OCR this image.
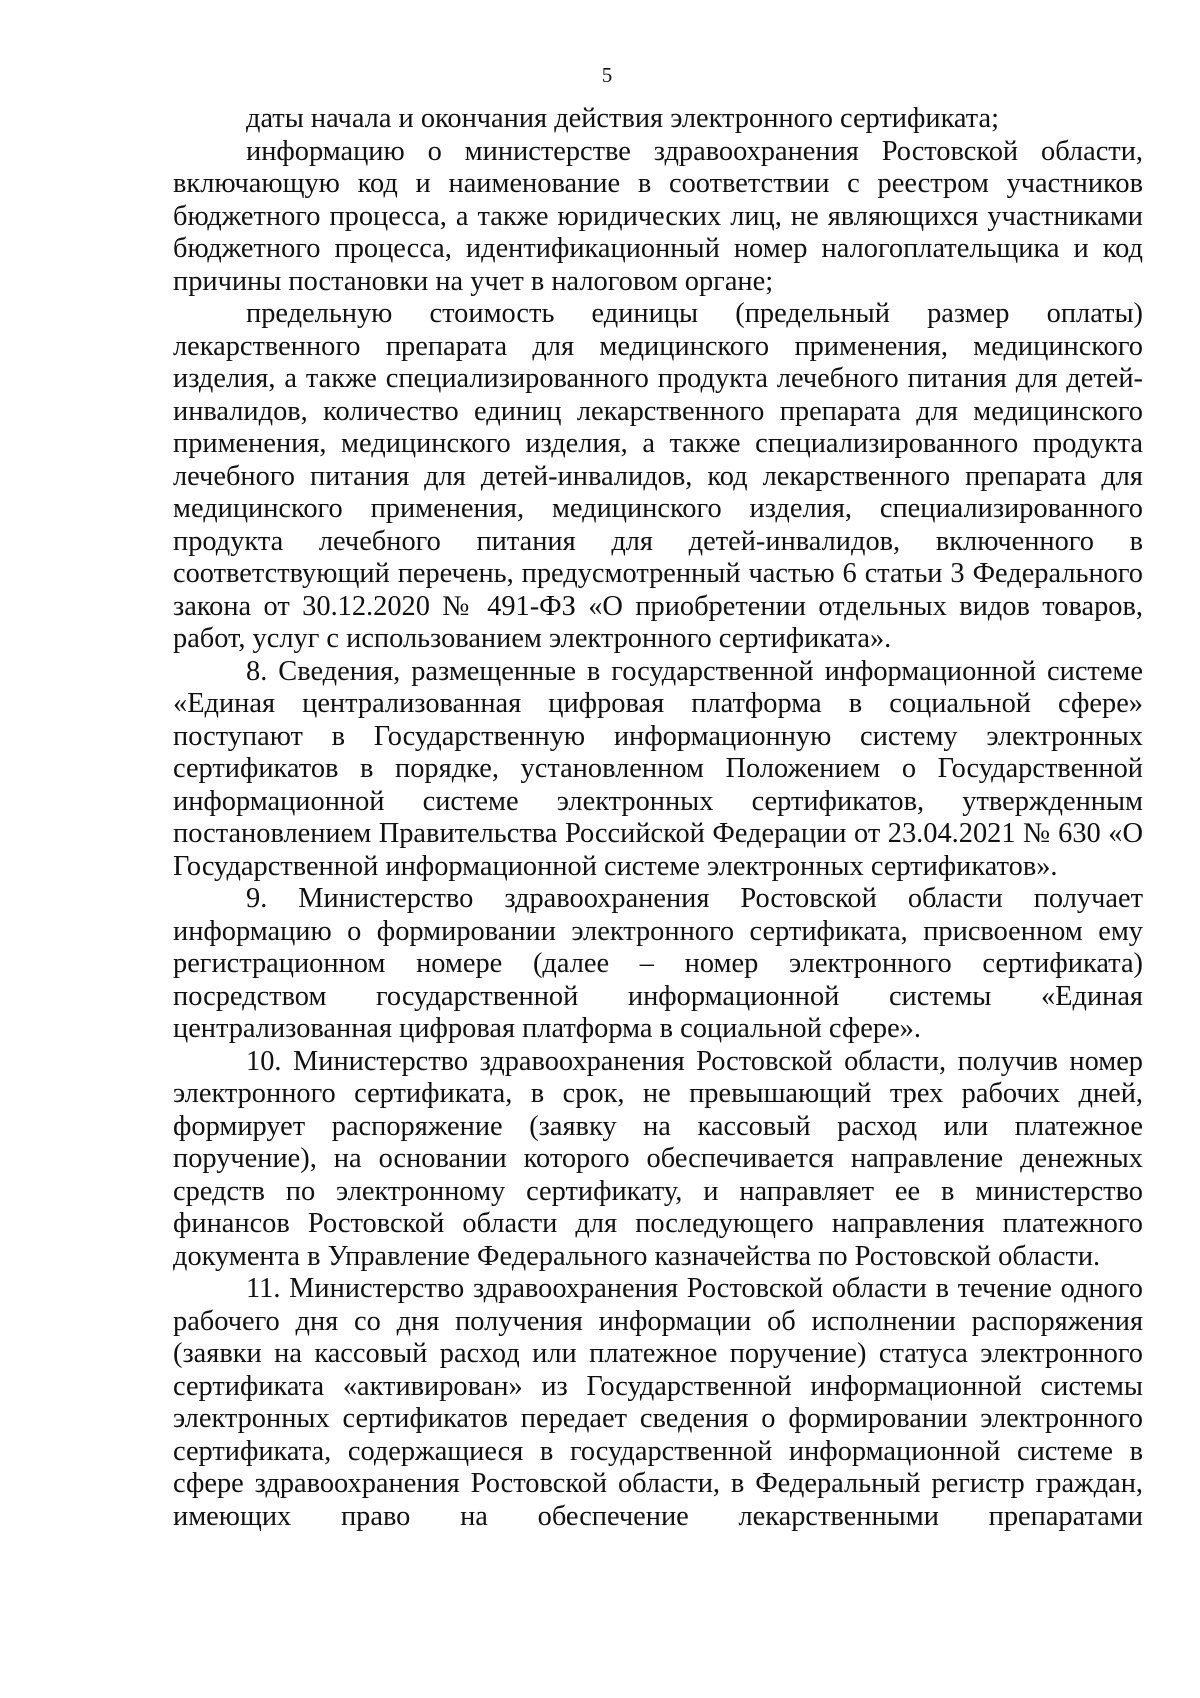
5

даты начала и окончания действия электронного сертификата;

информацию о министерстве здравоохранения Ростовской области, включающую код и наименование в соответствии с реестром участников бюджетного процесса, а также юридических лиц, не являющихся участниками бюджетного процесса, идентификационный номер налогоплательщика и код причины постановки на учет в налоговом органе;

предельную стоимость единицы (предельный размер оплаты) лекарственного препарата для медицинского применения, медицинского изделия, а также специализированного продукта лечебного питания для детей-инвалидов, количество единиц лекарственного препарата для медицинского применения, медицинского изделия, а также специализированного продукта лечебного питания для детей-инвалидов, код лекарственного препарата для медицинского применения, медицинского изделия, специализированного продукта лечебного питания для детей-инвалидов, включенного в соответствующий перечень, предусмотренный частью 6 статьи 3 Федерального закона от 30.12.2020 № 491-ФЗ «О приобретении отдельных видов товаров, работ, услуг с использованием электронного сертификата».

8. Сведения, размещенные в государственной информационной системе «Единая централизованная цифровая платформа в социальной сфере» поступают в Государственную информационную систему электронных сертификатов в порядке, установленном Положением о Государственной информационной системе электронных сертификатов, утвержденным постановлением Правительства Российской Федерации от 23.04.2021 № 630 «О Государственной информационной системе электронных сертификатов».

9. Министерство здравоохранения Ростовской области получает информацию о формировании электронного сертификата, присвоенном ему регистрационном номере (далее – номер электронного сертификата) посредством государственной информационной системы «Единая централизованная цифровая платформа в социальной сфере».

10. Министерство здравоохранения Ростовской области, получив номер электронного сертификата, в срок, не превышающий трех рабочих дней, формирует распоряжение (заявку на кассовый расход или платежное поручение), на основании которого обеспечивается направление денежных средств по электронному сертификату, и направляет ее в министерство финансов Ростовской области для последующего направления платежного документа в Управление Федерального казначейства по Ростовской области.

11. Министерство здравоохранения Ростовской области в течение одного рабочего дня со дня получения информации об исполнении распоряжения (заявки на кассовый расход или платежное поручение) статуса электронного сертификата «активирован» из Государственной информационной системы электронных сертификатов передает сведения о формировании электронного сертификата, содержащиеся в государственной информационной системе в сфере здравоохранения Ростовской области, в Федеральный регистр граждан, имеющих право на обеспечение лекарственными препаратами
